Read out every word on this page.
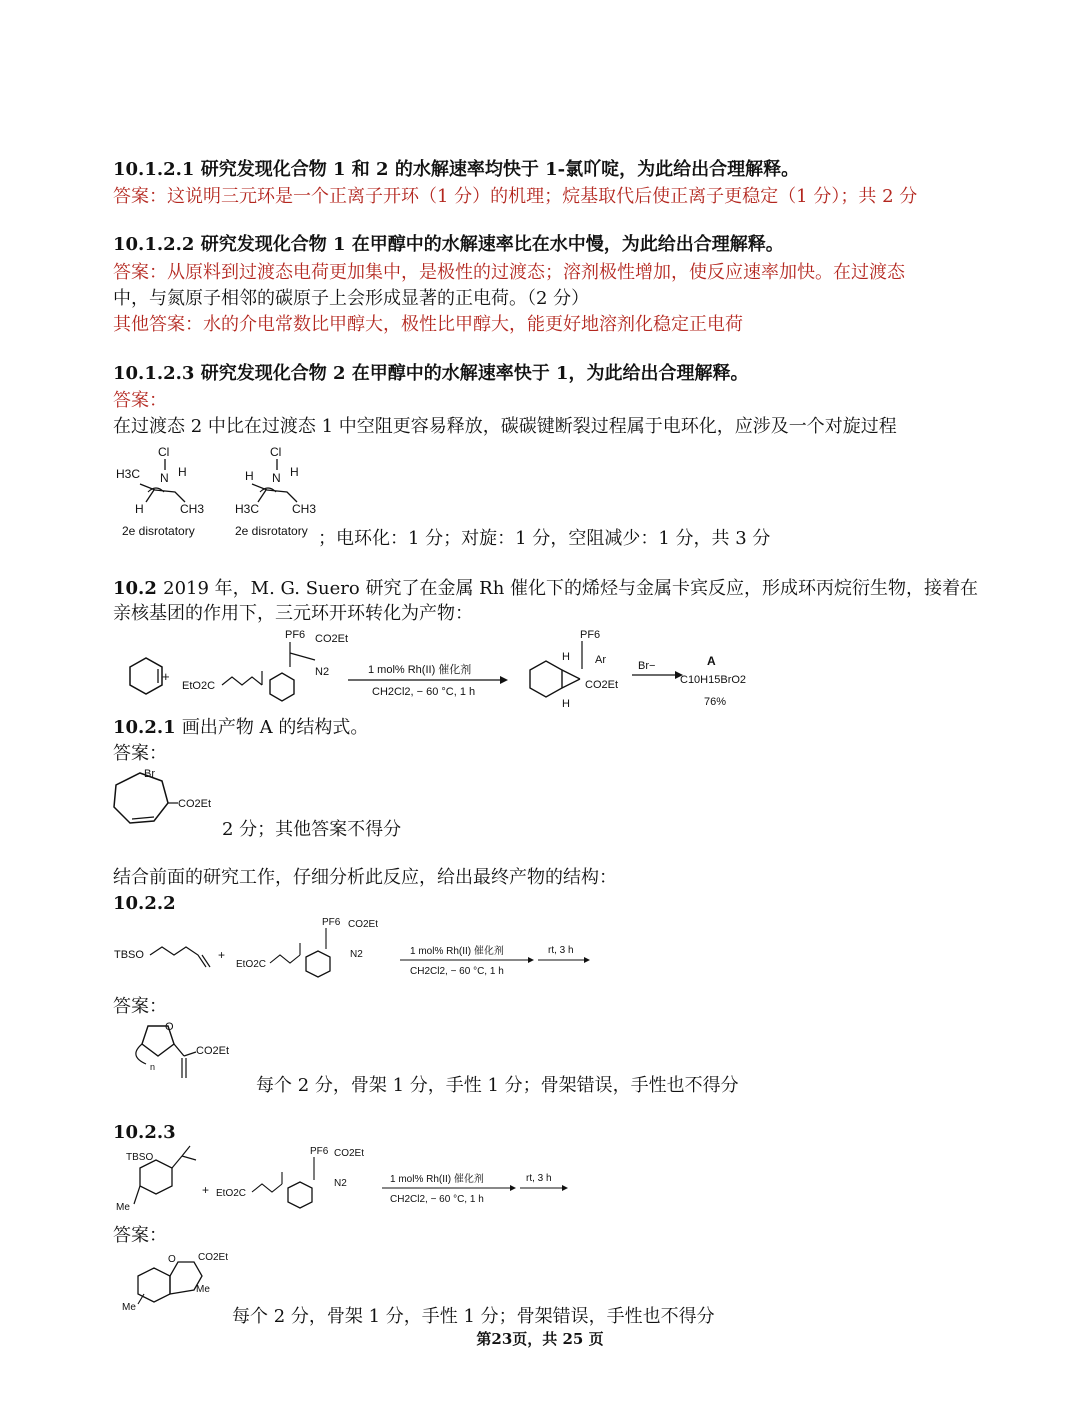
10.1.2.1 研究发现化合物 1 和 2 的水解速率均快于 1-氯吖啶，为此给出合理解释。
答案：这说明三元环是一个正离子开环（1 分）的机理；烷基取代后使正离子更稳定（1 分）；共 2 分
10.1.2.2 研究发现化合物 1 在甲醇中的水解速率比在水中慢，为此给出合理解释。
答案：从原料到过渡态电荷更加集中，是极性的过渡态；溶剂极性增加，使反应速率加快。在过渡态
中，与氮原子相邻的碳原子上会形成显著的正电荷。（2 分）
其他答案：水的介电常数比甲醇大，极性比甲醇大，能更好地溶剂化稳定正电荷
10.1.2.3 研究发现化合物 2 在甲醇中的水解速率快于 1，为此给出合理解释。
答案：
在过渡态 2 中比在过渡态 1 中空阻更容易释放，碳碳键断裂过程属于电环化，应涉及一个对旋过程
Cl
N
H3C	H
H	CH3
2e disrotatory
Cl
N
H	H
H3C	CH3
2e disrotatory ；电环化：1 分；对旋：1 分，空阻减少：1 分，共 3 分
10.2 2019 年，M. G. Suero 研究了在金属 Rh 催化下的烯烃与金属卡宾反应，形成环丙烷衍生物，接着在
亲核基团的作用下，三元环开环转化为产物：
+
EtO2C
PF6 CO2Et
N2	1 mol% Rh(II) 催化剂
CH2Cl2, − 60 °C, 1 h
H
H
PF6
Ar
CO2Et
Br−	A
C10H15BrO2
76%
10.2.1 画出产物 A 的结构式。
答案：
Br
CO2Et
2 分；其他答案不得分
结合前面的研究工作，仔细分析此反应，给出最终产物的结构：
10.2.2
TBSO	+
EtO2C
PF6 CO2Et
N2	1 mol% Rh(II) 催化剂
CH2Cl2, − 60 °C, 1 h
rt, 3 h
答案：
O
n
CO2Et
每个 2 分，骨架 1 分，手性 1 分；骨架错误，手性也不得分
10.2.3
TBSO
Me
+ EtO2C
PF6 CO2Et
N2	1 mol% Rh(II) 催化剂
CH2Cl2, − 60 °C, 1 h
rt, 3 h
答案：
O CO2Et
Me
Me	每个 2 分，骨架 1 分，手性 1 分；骨架错误，手性也不得分
第23页，共 25 页
